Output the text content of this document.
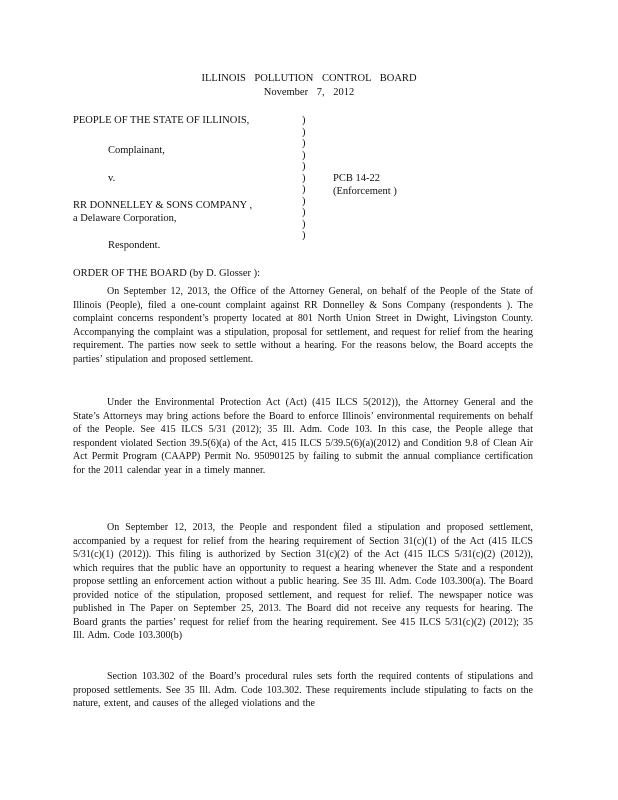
ILLINOIS POLLUTION CONTROL BOARD
November 7, 2012
PEOPLE OF THE STATE OF ILLINOIS,
Complainant,
v.	PCB 14-22
(Enforcement )
RR DONNELLEY & SONS COMPANY ,
a Delaware Corporation,
Respondent.
)
)
)
)
)
)
)
)
)
)
)
ORDER OF THE BOARD (by D. Glosser ):

On September 12, 2013, the Office of the Attorney General, on behalf of the People of the State of Illinois (People), filed a one-count complaint against RR Donnelley & Sons Company (respondents ). The complaint concerns respondent’s property located at 801 North Union Street in Dwight, Livingston County. Accompanying the complaint was a stipulation, proposal for settlement, and request for relief from the hearing requirement. The parties now seek to settle without a hearing. For the reasons below, the Board accepts the parties’ stipulation and proposed settlement.

Under the Environmental Protection Act (Act) (415 ILCS 5(2012)), the Attorney General and the State’s Attorneys may bring actions before the Board to enforce Illinois’ environmental requirements on behalf of the People. See 415 ILCS 5/31 (2012); 35 Ill. Adm. Code 103. In this case, the People allege that respondent violated Section 39.5(6)(a) of the Act, 415 ILCS 5/39.5(6)(a)(2012) and Condition 9.8 of Clean Air Act Permit Program (CAAPP) Permit No. 95090125 by failing to submit the annual compliance certification for the 2011 calendar year in a timely manner.

On September 12, 2013, the People and respondent filed a stipulation and proposed settlement, accompanied by a request for relief from the hearing requirement of Section 31(c)(1) of the Act (415 ILCS 5/31(c)(1) (2012)). This filing is authorized by Section 31(c)(2) of the Act (415 ILCS 5/31(c)(2) (2012)), which requires that the public have an opportunity to request a hearing whenever the State and a respondent propose settling an enforcement action without a public hearing. See 35 Ill. Adm. Code 103.300(a). The Board provided notice of the stipulation, proposed settlement, and request for relief. The newspaper notice was published in The Paper on September 25, 2013. The Board did not receive any requests for hearing. The Board grants the parties’ request for relief from the hearing requirement. See 415 ILCS 5/31(c)(2) (2012); 35 Ill. Adm. Code 103.300(b)

Section 103.302 of the Board’s procedural rules sets forth the required contents of stipulations and proposed settlements. See 35 Ill. Adm. Code 103.302. These requirements include stipulating to facts on the nature, extent, and causes of the alleged violations and the
